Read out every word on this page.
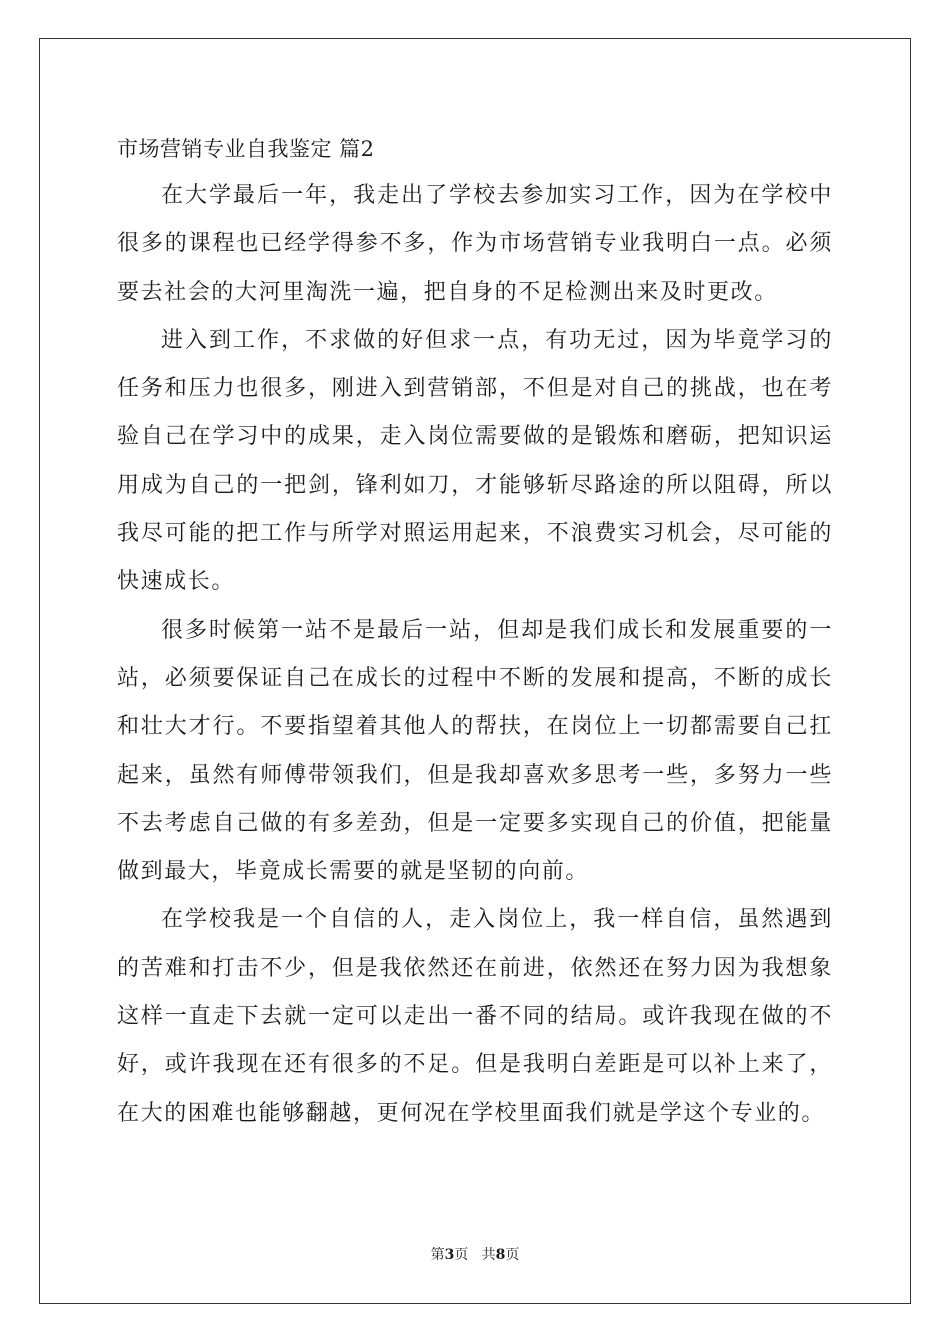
市场营销专业自我鉴定 篇2

在大学最后一年，我走出了学校去参加实习工作，因为在学校中很多的课程也已经学得参不多，作为市场营销专业我明白一点。必须要去社会的大河里淘洗一遍，把自身的不足检测出来及时更改。

进入到工作，不求做的好但求一点，有功无过，因为毕竟学习的任务和压力也很多，刚进入到营销部，不但是对自己的挑战，也在考验自己在学习中的成果，走入岗位需要做的是锻炼和磨砺，把知识运用成为自己的一把剑，锋利如刀，才能够斩尽路途的所以阻碍，所以我尽可能的把工作与所学对照运用起来，不浪费实习机会，尽可能的快速成长。

很多时候第一站不是最后一站，但却是我们成长和发展重要的一站，必须要保证自己在成长的过程中不断的发展和提高，不断的成长和壮大才行。不要指望着其他人的帮扶，在岗位上一切都需要自己扛起来，虽然有师傅带领我们，但是我却喜欢多思考一些，多努力一些不去考虑自己做的有多差劲，但是一定要多实现自己的价值，把能量做到最大，毕竟成长需要的就是坚韧的向前。

在学校我是一个自信的人，走入岗位上，我一样自信，虽然遇到的苦难和打击不少，但是我依然还在前进，依然还在努力因为我想象这样一直走下去就一定可以走出一番不同的结局。或许我现在做的不好，或许我现在还有很多的不足。但是我明白差距是可以补上来了，在大的困难也能够翻越，更何况在学校里面我们就是学这个专业的。

第3页 共8页
